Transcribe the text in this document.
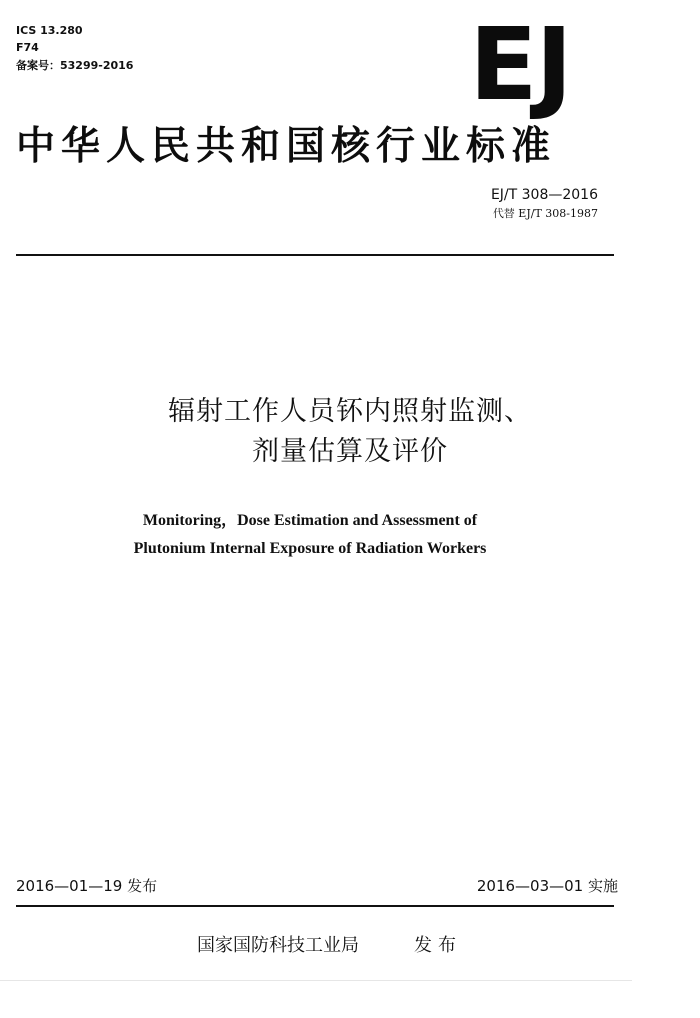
ICS 13.280
F74
备案号：53299-2016	EJ
中华人民共和国核行业标准
EJ/T 308—2016
代替 EJ/T 308-1987
辐射工作人员钚内照射监测、
剂量估算及评价
Monitoring，Dose Estimation and Assessment of
Plutonium Internal Exposure of Radiation Workers
2016—01—19 发布	2016—03—01 实施
国家国防科技工业局	发布
